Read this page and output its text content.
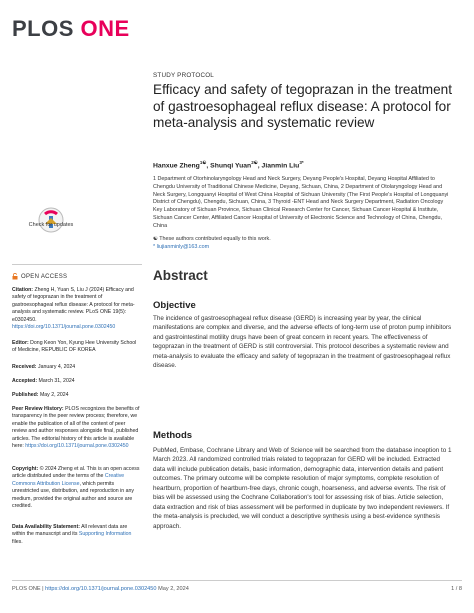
PLOS ONE
Check for updates
OPEN ACCESS
Citation: Zheng H, Yuan S, Liu J (2024) Efficacy and safety of tegoprazan in the treatment of gastroesophageal reflux disease: A protocol for meta-analysis and systematic review. PLoS ONE 19(5): e0302450. https://doi.org/10.1371/journal.pone.0302450
Editor: Dong Keon Yon, Kyung Hee University School of Medicine, REPUBLIC OF KOREA
Received: January 4, 2024
Accepted: March 31, 2024
Published: May 2, 2024
Peer Review History: PLOS recognizes the benefits of transparency in the peer review process; therefore, we enable the publication of all of the content of peer review and author responses alongside final, published articles. The editorial history of this article is available here: https://doi.org/10.1371/journal.pone.0302450
Copyright: © 2024 Zheng et al. This is an open access article distributed under the terms of the Creative Commons Attribution License, which permits unrestricted use, distribution, and reproduction in any medium, provided the original author and source are credited.
Data Availability Statement: All relevant data are within the manuscript and its Supporting Information files.
STUDY PROTOCOL
Efficacy and safety of tegoprazan in the treatment of gastroesophageal reflux disease: A protocol for meta-analysis and systematic review
Hanxue Zheng$^{1☯}$, Shunqi Yuan$^{2☯}$, Jianmin Liu$^{3*}$
1 Department of Otorhinolaryngology Head and Neck Surgery, Deyang People's Hospital, Deyang Hospital Affiliated to Chengdu University of Traditional Chinese Medicine, Deyang, Sichuan, China, 2 Department of Otolaryngology Head and Neck Surgery, Longquanyi Hospital of West China Hospital of Sichuan University (The First People's Hospital of Longquanyi District of Chengdu), Chengdu, Sichuan, China, 3 Thyroid -ENT Head and Neck Surgery Department, Radiation Oncology Key Laboratory of Sichuan Province, Sichuan Clinical Research Center for Cancer, Sichuan Cancer Hospital & Institute, Sichuan Cancer Center, Affiliated Cancer Hospital of University of Electronic Science and Technology of China, Chengdu, China
☯ These authors contributed equally to this work.
* liujianminly@163.com
Abstract
Objective

The incidence of gastroesophageal reflux disease (GERD) is increasing year by year, the clinical manifestations are complex and diverse, and the adverse effects of long-term use of proton pump inhibitors and gastrointestinal motility drugs have been of great concern in recent years. The effectiveness of tegoprazan in the treatment of GERD is still controversial. This protocol describes a systematic review and meta-analysis to evaluate the efficacy and safety of tegoprazan in the treatment of gastroesophageal reflux disease.

Methods

PubMed, Embase, Cochrane Library and Web of Science will be searched from the database inception to 1 March 2023. All randomized controlled trials related to tegoprazan for GERD will be included. Extracted data will include publication details, basic information, demographic data, intervention details and patient outcomes. The primary outcome will be complete resolution of major symptoms, complete resolution of heartburn, proportion of heartburn-free days, chronic cough, hoarseness, and adverse events. The risk of bias will be assessed using the Cochrane Collaboration's tool for assessing risk of bias. Article selection, data extraction and risk of bias assessment will be performed in duplicate by two independent reviewers. If the meta-analysis is precluded, we will conduct a descriptive synthesis using a best-evidence synthesis approach.

PLOS ONE | https://doi.org/10.1371/journal.pone.0302450 May 2, 2024	1 / 8
